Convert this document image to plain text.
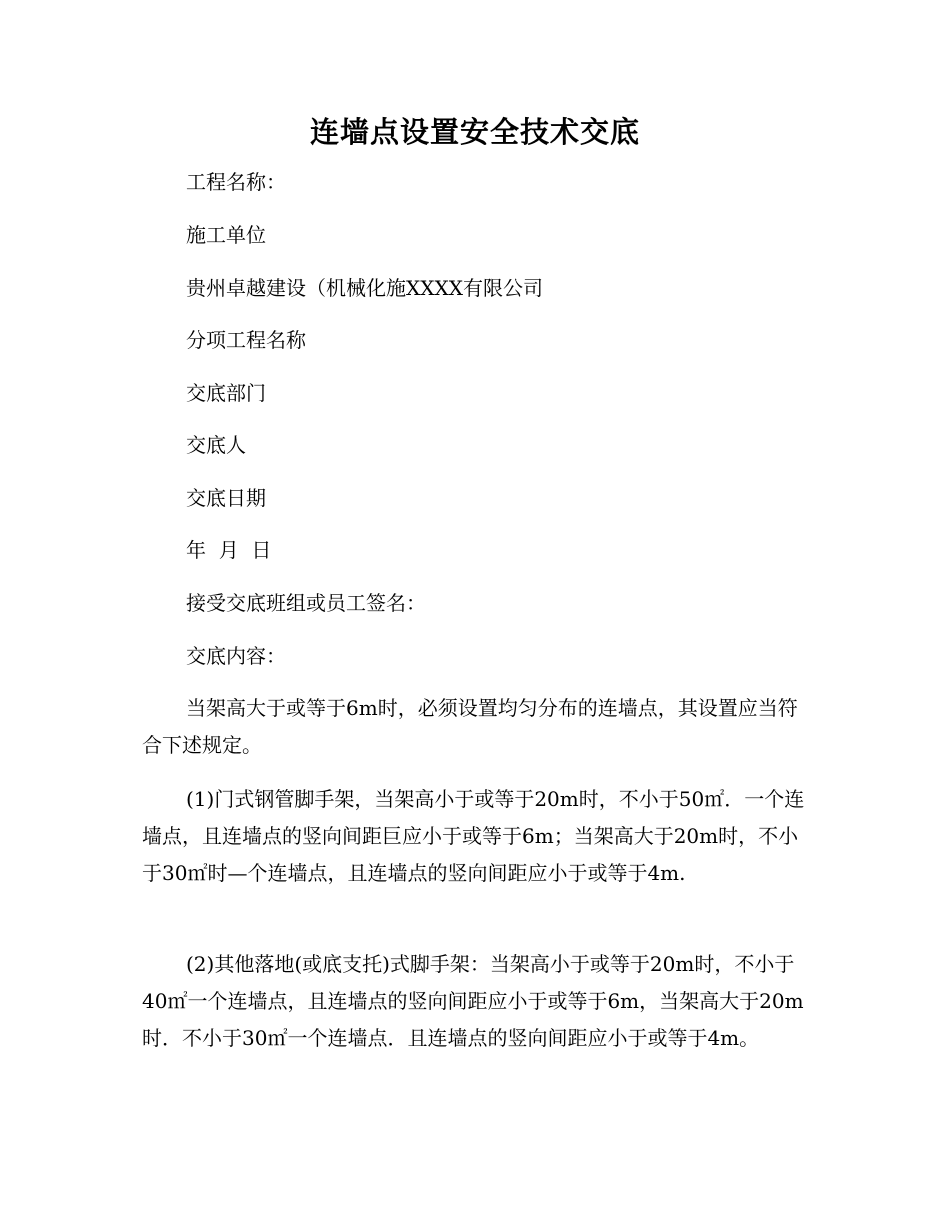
连墙点设置安全技术交底

工程名称：

施工单位

贵州卓越建设（机械化施XXXX有限公司

分项工程名称

交底部门

交底人

交底日期

年  月  日

接受交底班组或员工签名：

交底内容：

当架高大于或等于6m时，必须设置均匀分布的连墙点，其设置应当符合下述规定。

(1)门式钢管脚手架，当架高小于或等于20m时，不小于50㎡．一个连墙点，且连墙点的竖向间距巨应小于或等于6m；当架高大于20m时，不小于30㎡时—个连墙点，且连墙点的竖向间距应小于或等于4m.

(2)其他落地(或底支托)式脚手架：当架高小于或等于20m时，不小于40㎡一个连墙点，且连墙点的竖向间距应小于或等于6m，当架高大于20m时．不小于30㎡一个连墙点．且连墙点的竖向间距应小于或等于4m。
